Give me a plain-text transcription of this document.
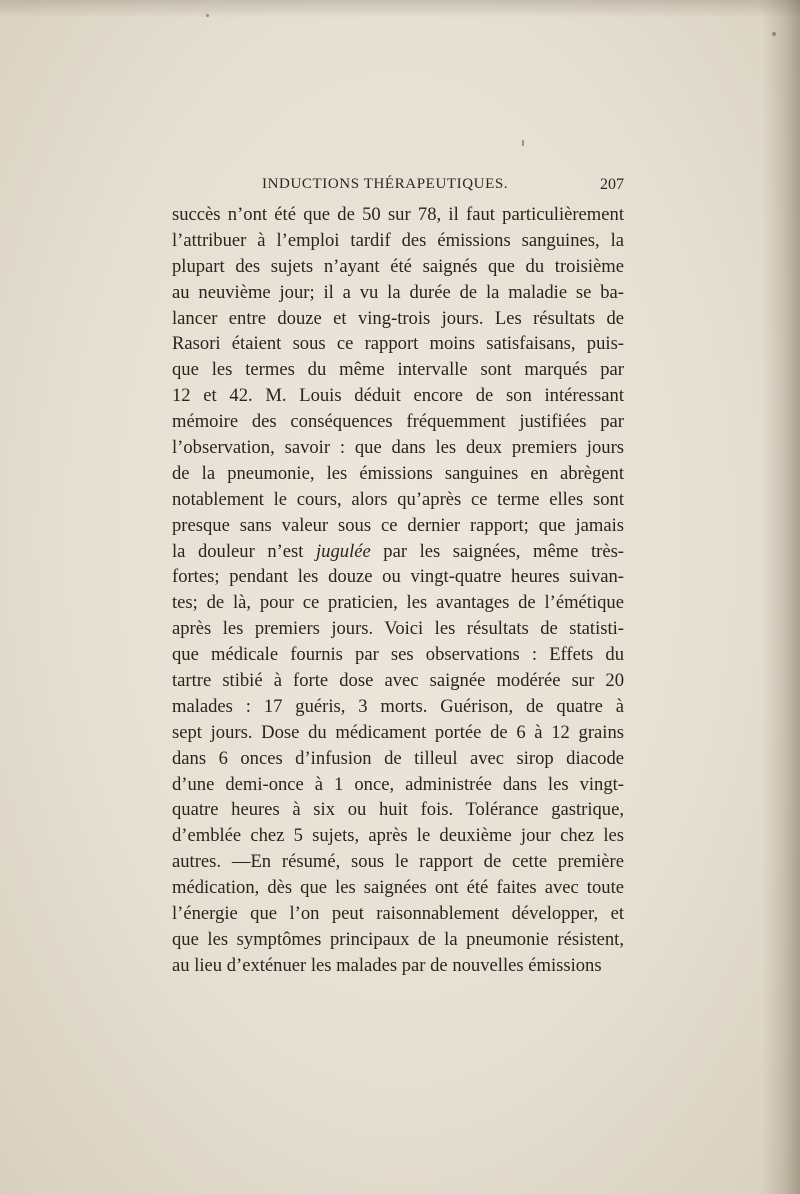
INDUCTIONS THÉRAPEUTIQUES.	207
succès n’ont été que de 50 sur 78, il faut particulièrement
l’attribuer à l’emploi tardif des émissions sanguines, la
plupart des sujets n’ayant été saignés que du troisième
au neuvième jour; il a vu la durée de la maladie se ba-
lancer entre douze et ving-trois jours. Les résultats de
Rasori étaient sous ce rapport moins satisfaisans, puis-
que les termes du même intervalle sont marqués par
12 et 42. M. Louis déduit encore de son intéressant
mémoire des conséquences fréquemment justifiées par
l’observation, savoir : que dans les deux premiers jours
de la pneumonie, les émissions sanguines en abrègent
notablement le cours, alors qu’après ce terme elles sont
presque sans valeur sous ce dernier rapport; que jamais
la douleur n’est jugulée par les saignées, même très-
fortes; pendant les douze ou vingt-quatre heures suivan-
tes; de là, pour ce praticien, les avantages de l’émétique
après les premiers jours. Voici les résultats de statisti-
que médicale fournis par ses observations : Effets du
tartre stibié à forte dose avec saignée modérée sur 20
malades : 17 guéris, 3 morts. Guérison, de quatre à
sept jours. Dose du médicament portée de 6 à 12 grains
dans 6 onces d’infusion de tilleul avec sirop diacode
d’une demi-once à 1 once, administrée dans les vingt-
quatre heures à six ou huit fois. Tolérance gastrique,
d’emblée chez 5 sujets, après le deuxième jour chez les
autres. —En résumé, sous le rapport de cette première
médication, dès que les saignées ont été faites avec toute
l’énergie que l’on peut raisonnablement développer, et
que les symptômes principaux de la pneumonie résistent,
au lieu d’exténuer les malades par de nouvelles émissions
